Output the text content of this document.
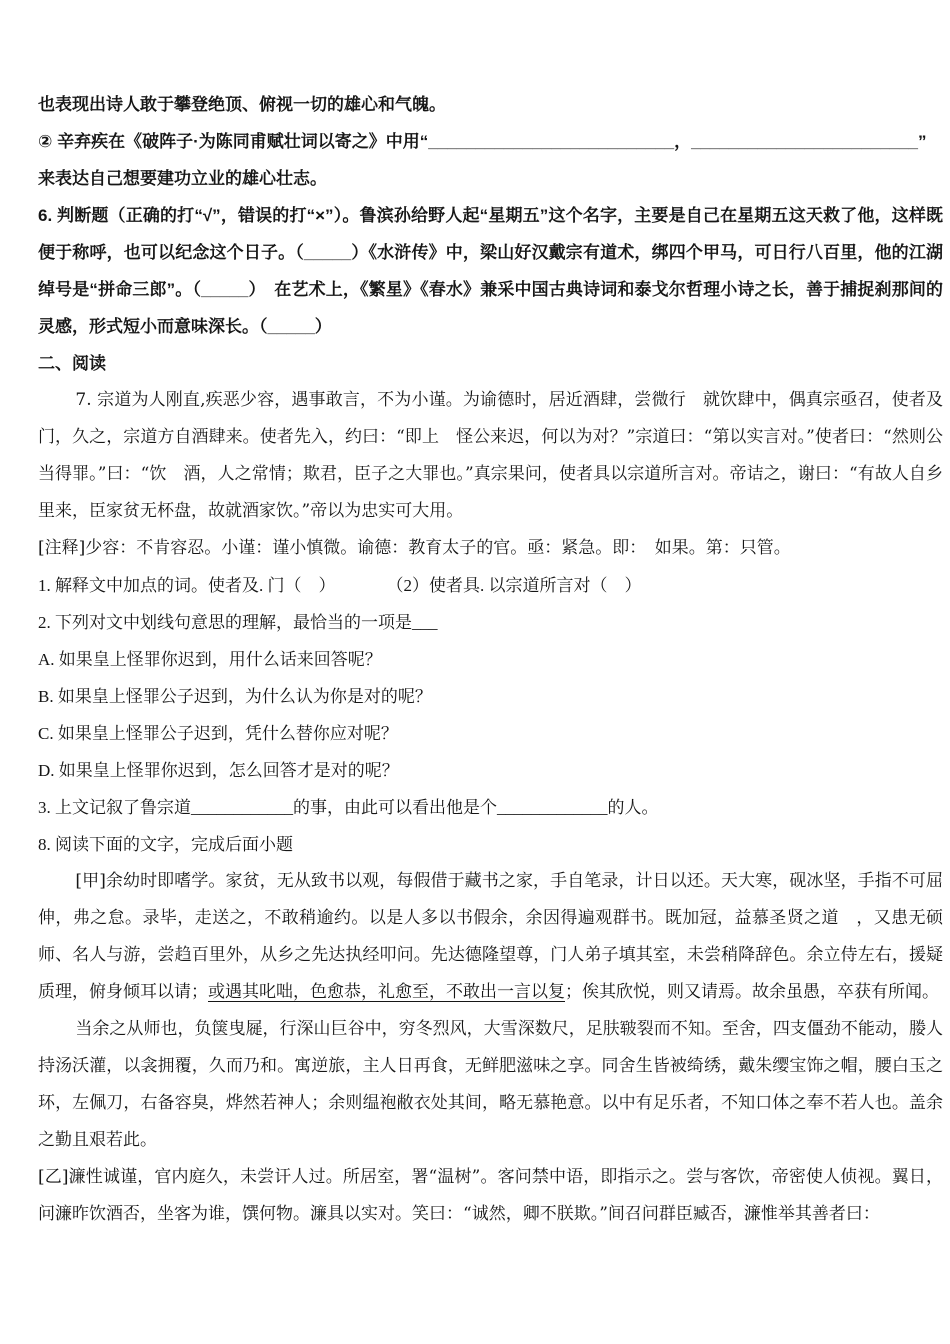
也表现出诗人敢于攀登绝顶、俯视一切的雄心和气魄。

② 辛弃疾在《破阵子·为陈同甫赋壮词以寄之》中用“__________________________，________________________”

来表达自己想要建功立业的雄心壮志。

6. 判断题（正确的打“√”，错误的打“×”）。鲁滨孙给野人起“星期五”这个名字，主要是自己在星期五这天救了他，这样既便于称呼，也可以纪念这个日子。（_____）《水浒传》中，梁山好汉戴宗有道术，绑四个甲马，可日行八百里，他的江湖绰号是“拼命三郎”。（_____）　在艺术上，《繁星》《春水》兼采中国古典诗词和泰戈尔哲理小诗之长，善于捕捉刹那间的灵感，形式短小而意味深长。（_____）

二、阅读

7. 宗道为人刚直,疾恶少容，遇事敢言，不为小谨。为谕德时，居近酒肆，尝微行　就饮肆中，偶真宗亟召，使者及门，久之，宗道方自酒肆来。使者先入，约曰：“即上　怪公来迟，何以为对？”宗道曰：“第以实言对。”使者曰：“然则公当得罪。”曰：“饮　酒，人之常情；欺君，臣子之大罪也。”真宗果问，使者具以宗道所言对。帝诘之，谢曰：“有故人自乡里来，臣家贫无杯盘，故就酒家饮。”帝以为忠实可大用。

[注释]少容：不肯容忍。小谨：谨小慎微。谕德：教育太子的官。亟：紧急。即：　如果。第：只管。

1. 解释文中加点的词。使者及. 门（　）　　　　（2）使者具. 以宗道所言对（　）

2. 下列对文中划线句意思的理解，最恰当的一项是___

A. 如果皇上怪罪你迟到，用什么话来回答呢？

B. 如果皇上怪罪公子迟到，为什么认为你是对的呢？

C. 如果皇上怪罪公子迟到，凭什么替你应对呢？

D. 如果皇上怪罪你迟到，怎么回答才是对的呢？

3. 上文记叙了鲁宗道____________的事，由此可以看出他是个_____________的人。

8. 阅读下面的文字，完成后面小题

[甲]余幼时即嗜学。家贫，无从致书以观，每假借于藏书之家，手自笔录，计日以还。天大寒，砚冰坚，手指不可屈伸，弗之怠。录毕，走送之，不敢稍逾约。以是人多以书假余，余因得遍观群书。既加冠，益慕圣贤之道　，又患无硕师、名人与游，尝趋百里外，从乡之先达执经叩问。先达德隆望尊，门人弟子填其室，未尝稍降辞色。余立侍左右，援疑质理，俯身倾耳以请；或遇其叱咄，色愈恭，礼愈至，不敢出一言以复；俟其欣悦，则又请焉。故余虽愚，卒获有所闻。

当余之从师也，负箧曳屣，行深山巨谷中，穷冬烈风，大雪深数尺，足肤皲裂而不知。至舍，四支僵劲不能动，媵人持汤沃灌，以衾拥覆，久而乃和。寓逆旅，主人日再食，无鲜肥滋味之享。同舍生皆被绮绣，戴朱缨宝饰之帽，腰白玉之环，左佩刀，右备容臭，烨然若神人；余则缊袍敝衣处其间，略无慕艳意。以中有足乐者，不知口体之奉不若人也。盖余之勤且艰若此。

[乙]濂性诚谨，官内庭久，未尝讦人过。所居室，署“温树”。客问禁中语，即指示之。尝与客饮，帝密使人侦视。翼日，问濂昨饮酒否，坐客为谁，馔何物。濂具以实对。笑曰：“诚然，卿不朕欺。”间召问群臣臧否，濂惟举其善者曰：
